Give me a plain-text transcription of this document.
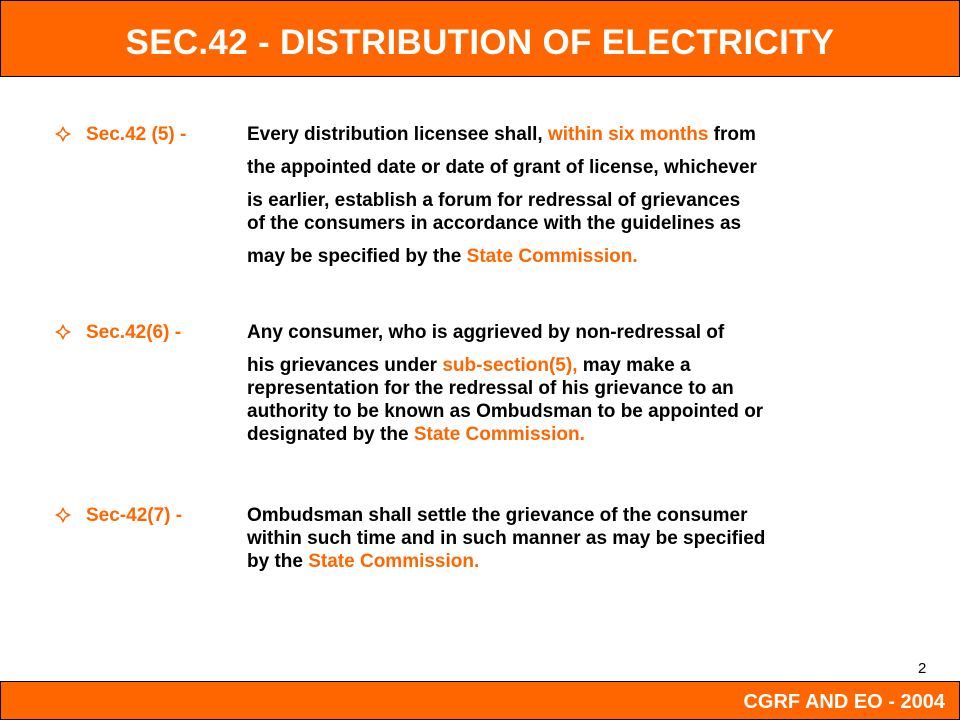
SEC.42 - DISTRIBUTION OF ELECTRICITY
Sec.42 (5) -	Every distribution licensee shall, within six months from
the appointed date or date of grant of license, whichever
is earlier, establish a forum for redressal of grievances
of the consumers in accordance with the guidelines as
may be specified by the State Commission.
Sec.42(6) -	Any consumer, who is aggrieved by non-redressal of
his grievances under sub-section(5), may make a
representation for the redressal of his grievance to an
authority to be known as Ombudsman to be appointed or
designated by the State Commission.
Sec-42(7) -	Ombudsman shall settle the grievance of the consumer
within such time and in such manner as may be specified
by the State Commission.
2
CGRF AND EO - 2004
